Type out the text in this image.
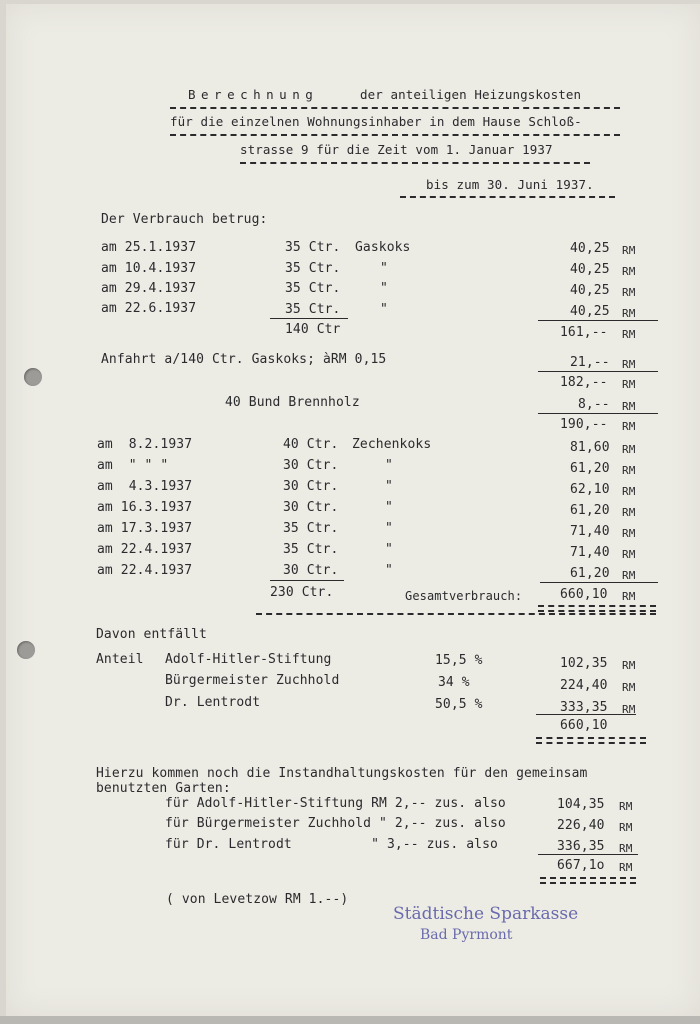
Berechnung	der anteiligen Heizungskosten
für die einzelnen Wohnungsinhaber in dem Hause Schloß-
strasse 9 für die Zeit vom 1. Januar 1937
bis zum 30. Juni 1937.
Der Verbrauch betrug:
am 25.1.1937	35 Ctr. Gaskoks	40,25 RM
am 10.4.1937	35 Ctr.	"	40,25 RM
am 29.4.1937	35 Ctr.	"	40,25 RM
am 22.6.1937	35 Ctr.	"	40,25 RM
140 Ctr	161,-- RM
Anfahrt a/140 Ctr. Gaskoks; àRM 0,15	21,-- RM
182,-- RM
40 Bund Brennholz	8,-- RM
190,-- RM
am  8.2.1937	40 Ctr. Zechenkoks	81,60 RM
am  " " "	30 Ctr.	"	61,20 RM
am  4.3.1937	30 Ctr.	"	62,10 RM
am 16.3.1937	30 Ctr.	"	61,20 RM
am 17.3.1937	35 Ctr.	"	71,40 RM
am 22.4.1937	35 Ctr.	"	71,40 RM
am 22.4.1937	30 Ctr.	"	61,20 RM
230 Ctr.	Gesamtverbrauch:	660,10 RM
Davon entfällt
Anteil Adolf-Hitler-Stiftung	15,5 %	102,35 RM
Bürgermeister Zuchhold	34 %	224,40 RM
Dr. Lentrodt	50,5 %	333,35 RM
660,10
Hierzu kommen noch die Instandhaltungskosten für den gemeinsam
benutzten Garten:
für Adolf-Hitler-Stiftung RM 2,-- zus. also	104,35 RM
für Bürgermeister Zuchhold " 2,-- zus. also	226,40 RM
für Dr. Lentrodt          " 3,-- zus. also	336,35 RM
667,1o RM
( von Levetzow RM 1.--)
Städtische Sparkasse
Bad Pyrmont
